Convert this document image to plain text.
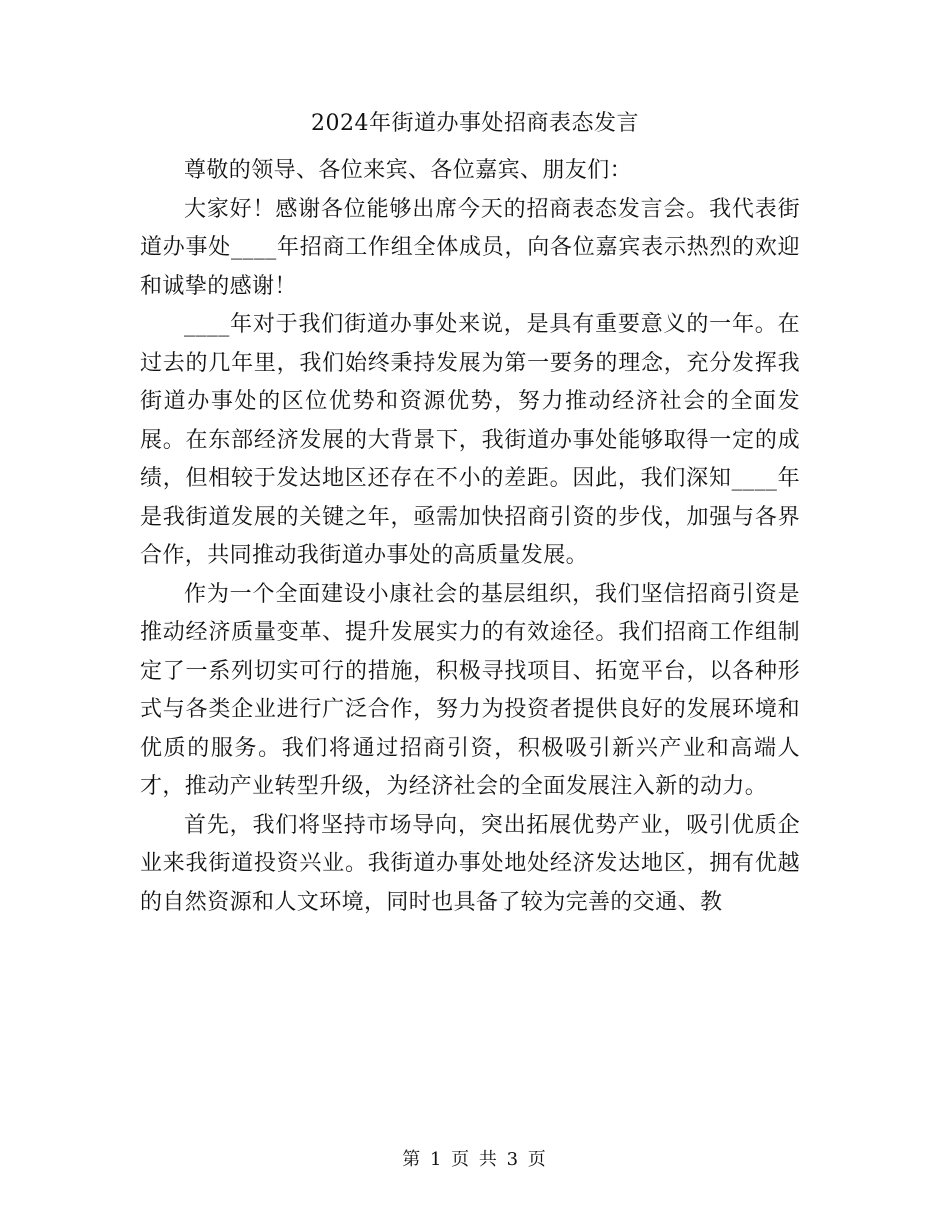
2024年街道办事处招商表态发言

尊敬的领导、各位来宾、各位嘉宾、朋友们：

大家好！感谢各位能够出席今天的招商表态发言会。我代表街道办事处____年招商工作组全体成员，向各位嘉宾表示热烈的欢迎和诚挚的感谢！

____年对于我们街道办事处来说，是具有重要意义的一年。在过去的几年里，我们始终秉持发展为第一要务的理念，充分发挥我街道办事处的区位优势和资源优势，努力推动经济社会的全面发展。在东部经济发展的大背景下，我街道办事处能够取得一定的成绩，但相较于发达地区还存在不小的差距。因此，我们深知____年是我街道发展的关键之年，亟需加快招商引资的步伐，加强与各界合作，共同推动我街道办事处的高质量发展。

作为一个全面建设小康社会的基层组织，我们坚信招商引资是推动经济质量变革、提升发展实力的有效途径。我们招商工作组制定了一系列切实可行的措施，积极寻找项目、拓宽平台，以各种形式与各类企业进行广泛合作，努力为投资者提供良好的发展环境和优质的服务。我们将通过招商引资，积极吸引新兴产业和高端人才，推动产业转型升级，为经济社会的全面发展注入新的动力。

首先，我们将坚持市场导向，突出拓展优势产业，吸引优质企业来我街道投资兴业。我街道办事处地处经济发达地区，拥有优越的自然资源和人文环境，同时也具备了较为完善的交通、教

第 1 页 共 3 页
